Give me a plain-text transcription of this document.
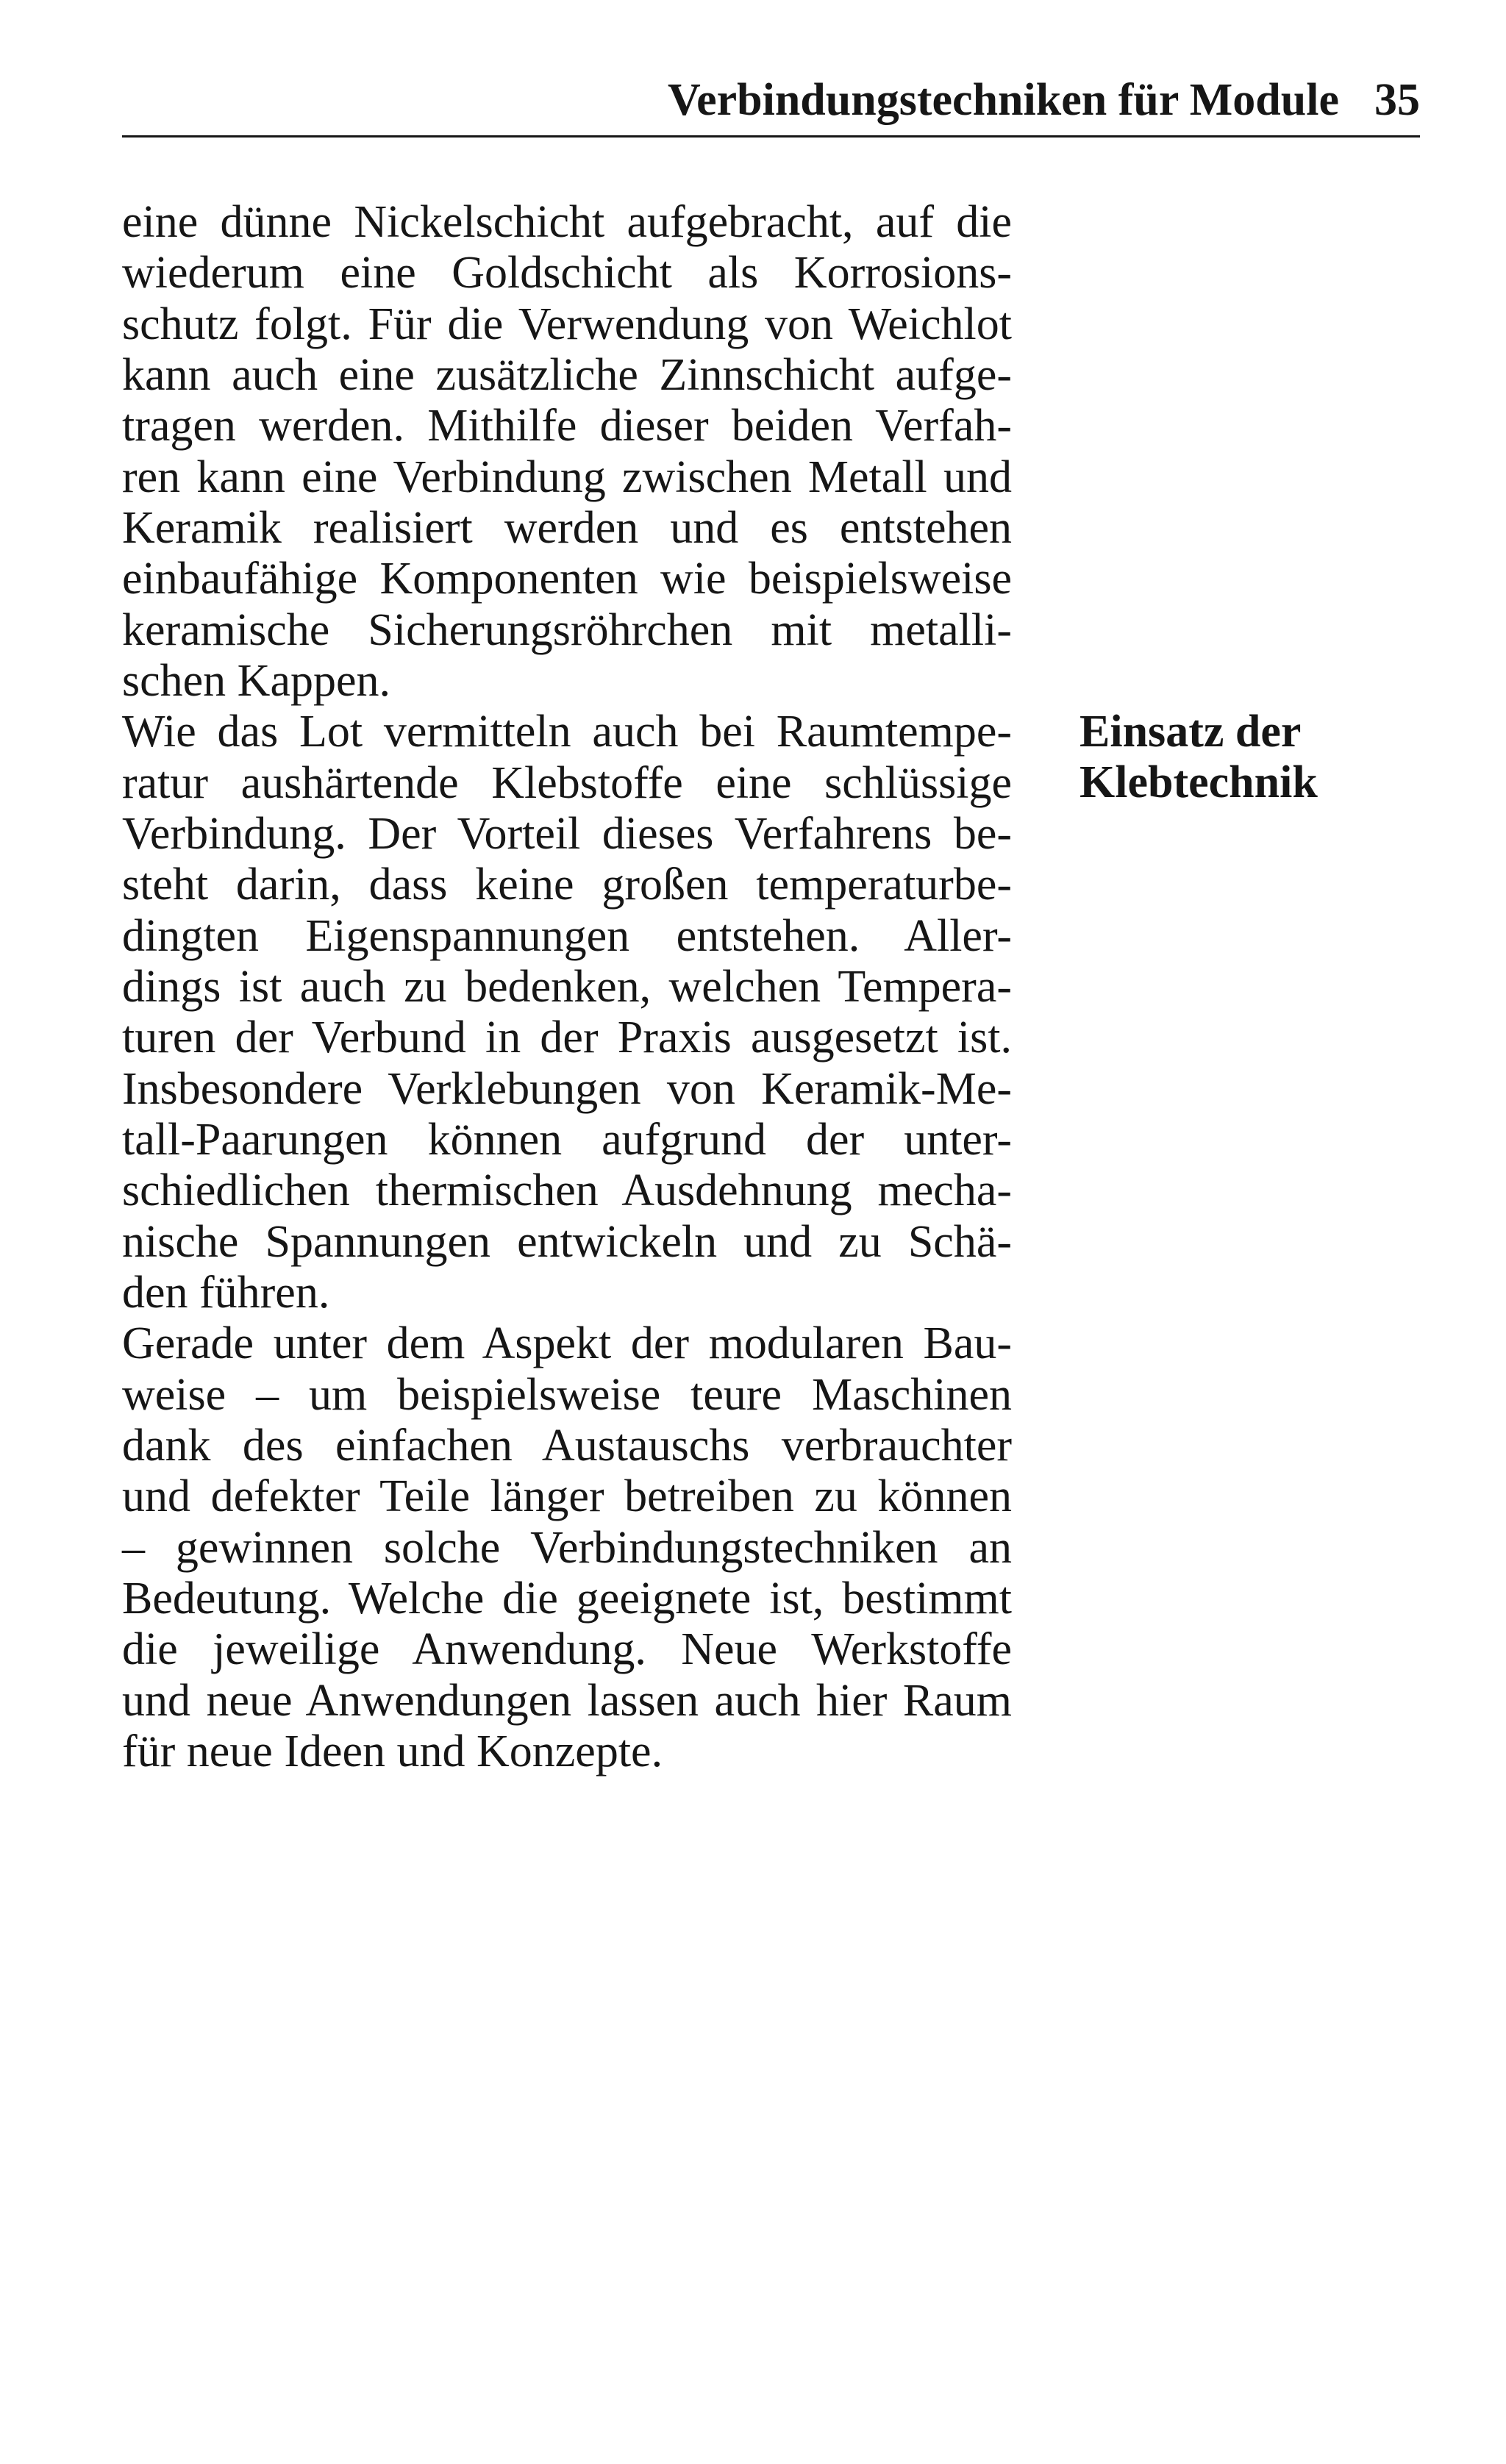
Verbindungstechniken für Module 35
eine dünne Nickelschicht aufgebracht, auf die
wiederum eine Goldschicht als Korrosions-
schutz folgt. Für die Verwendung von Weichlot
kann auch eine zusätzliche Zinnschicht aufge-
tragen werden. Mithilfe dieser beiden Verfah-
ren kann eine Verbindung zwischen Metall und
Keramik realisiert werden und es entstehen
einbaufähige Komponenten wie beispielsweise
keramische Sicherungsröhrchen mit metalli-
schen Kappen.
Wie das Lot vermitteln auch bei Raumtempe-
ratur aushärtende Klebstoffe eine schlüssige
Verbindung. Der Vorteil dieses Verfahrens be-
steht darin, dass keine großen temperaturbe-
dingten Eigenspannungen entstehen. Aller-
dings ist auch zu bedenken, welchen Tempera-
turen der Verbund in der Praxis ausgesetzt ist.
Insbesondere Verklebungen von Keramik-Me-
tall-Paarungen können aufgrund der unter-
schiedlichen thermischen Ausdehnung mecha-
nische Spannungen entwickeln und zu Schä-
den führen.
Gerade unter dem Aspekt der modularen Bau-
weise – um beispielsweise teure Maschinen
dank des einfachen Austauschs verbrauchter
und defekter Teile länger betreiben zu können
– gewinnen solche Verbindungstechniken an
Bedeutung. Welche die geeignete ist, bestimmt
die jeweilige Anwendung. Neue Werkstoffe
und neue Anwendungen lassen auch hier Raum
für neue Ideen und Konzepte.
Einsatz der
Klebtechnik
